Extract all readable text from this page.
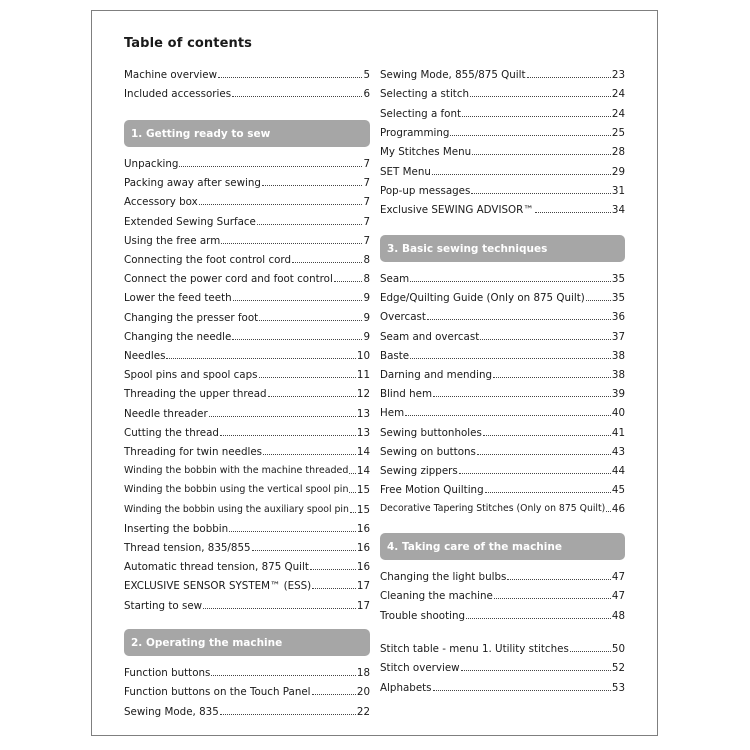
Table of contents
1. Getting ready to sew
2. Operating the machine
Machine overview	5
Included accessories	6
Unpacking	7
Packing away after sewing	7
Accessory box	7
Extended Sewing Surface	7
Using the free arm	7
Connecting the foot control cord	8
Connect the power cord and foot control	8
Lower the feed teeth	9
Changing the presser foot	9
Changing the needle	9
Needles	10
Spool pins and spool caps	11
Threading the upper thread	12
Needle threader	13
Cutting the thread	13
Threading for twin needles	14
Winding the bobbin with the machine threaded 14
Winding the bobbin using the vertical spool pin 15
Winding the bobbin using the auxiliary spool pin 15
Inserting the bobbin	16
Thread tension, 835/855	16
Automatic thread tension, 875 Quilt	16
EXCLUSIVE SENSOR SYSTEM™ (ESS)	17
Starting to sew	17
Function buttons	18
Function buttons on the Touch Panel	20
Sewing Mode, 835	22
3. Basic sewing techniques
4. Taking care of the machine
Sewing Mode, 855/875 Quilt	23
Selecting a stitch	24
Selecting a font	24
Programming	25
My Stitches Menu	28
SET Menu	29
Pop-up messages	31
Exclusive SEWING ADVISOR™	34
Seam	35
Edge/Quilting Guide (Only on 875 Quilt)	35
Overcast	36
Seam and overcast	37
Baste	38
Darning and mending	38
Blind hem	39
Hem	40
Sewing buttonholes	41
Sewing on buttons	43
Sewing zippers	44
Free Motion Quilting	45
Decorative Tapering Stitches (Only on 875 Quilt) 46
Changing the light bulbs	47
Cleaning the machine	47
Trouble shooting	48
Stitch table - menu 1. Utility stitches	50
Stitch overview	52
Alphabets	53
